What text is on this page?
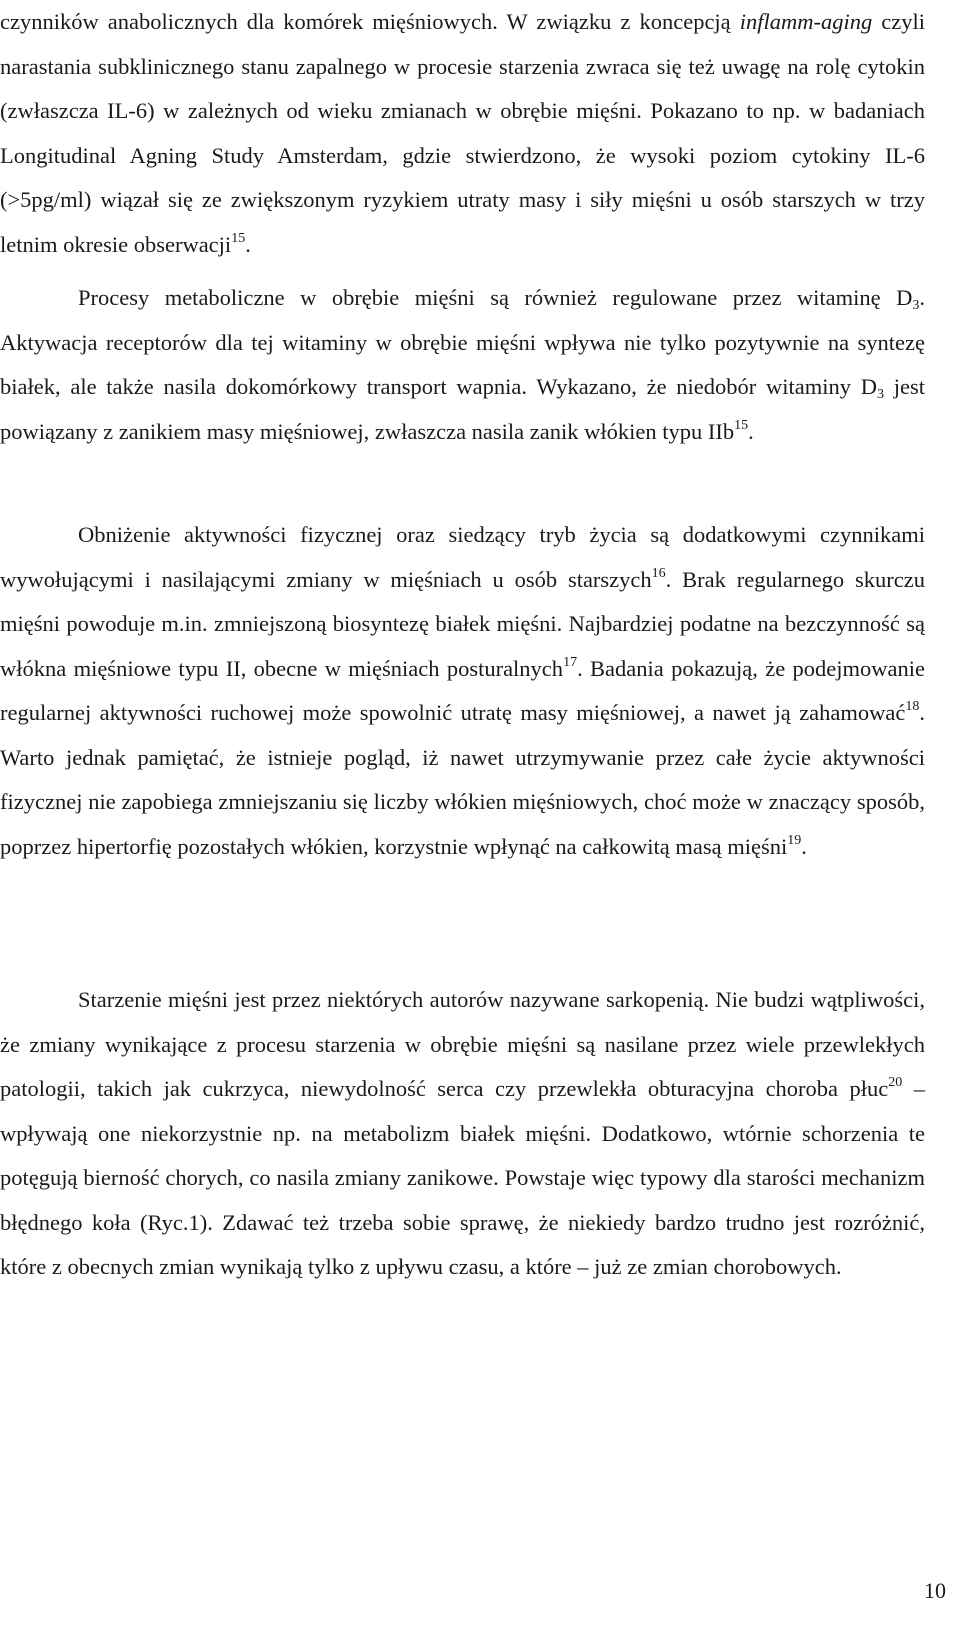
czynników anabolicznych dla komórek mięśniowych. W związku z koncepcją inflamm-aging czyli narastania subklinicznego stanu zapalnego w procesie starzenia zwraca się też uwagę na rolę cytokin (zwłaszcza IL-6) w zależnych od wieku zmianach w obrębie mięśni. Pokazano to np. w badaniach Longitudinal Agning Study Amsterdam, gdzie stwierdzono, że wysoki poziom cytokiny IL-6 (>5pg/ml) wiązał się ze zwiększonym ryzykiem utraty masy i siły mięśni u osób starszych w trzy letnim okresie obserwacji$^{15}$.
Procesy metaboliczne w obrębie mięśni są również regulowane przez witaminę $D_3$. Aktywacja receptorów dla tej witaminy w obrębie mięśni wpływa nie tylko pozytywnie na syntezę białek, ale także nasila dokomórkowy transport wapnia. Wykazano, że niedobór witaminy $D_3$ jest powiązany z zanikiem masy mięśniowej, zwłaszcza nasila zanik włókien typu IIb$^{15}$.
Obniżenie aktywności fizycznej oraz siedzący tryb życia są dodatkowymi czynnikami wywołującymi i nasilającymi zmiany w mięśniach u osób starszych$^{16}$. Brak regularnego skurczu mięśni powoduje m.in. zmniejszoną biosyntezę białek mięśni. Najbardziej podatne na bezczynność są włókna mięśniowe typu II, obecne w mięśniach posturalnych$^{17}$. Badania pokazują, że podejmowanie regularnej aktywności ruchowej może spowolnić utratę masy mięśniowej, a nawet ją zahamować$^{18}$. Warto jednak pamiętać, że istnieje pogląd, iż nawet utrzymywanie przez całe życie aktywności fizycznej nie zapobiega zmniejszaniu się liczby włókien mięśniowych, choć może w znaczący sposób, poprzez hipertorfię pozostałych włókien, korzystnie wpłynąć na całkowitą masą mięśni$^{19}$.
Starzenie mięśni jest przez niektórych autorów nazywane sarkopenią. Nie budzi wątpliwości, że zmiany wynikające z procesu starzenia w obrębie mięśni są nasilane przez wiele przewlekłych patologii, takich jak cukrzyca, niewydolność serca czy przewlekła obturacyjna choroba płuc$^{20}$ – wpływają one niekorzystnie np. na metabolizm białek mięśni. Dodatkowo, wtórnie schorzenia te potęgują bierność chorych, co nasila zmiany zanikowe. Powstaje więc typowy dla starości mechanizm błędnego koła (Ryc.1). Zdawać też trzeba sobie sprawę, że niekiedy bardzo trudno jest rozróżnić, które z obecnych zmian wynikają tylko z upływu czasu, a które – już ze zmian chorobowych.
10
